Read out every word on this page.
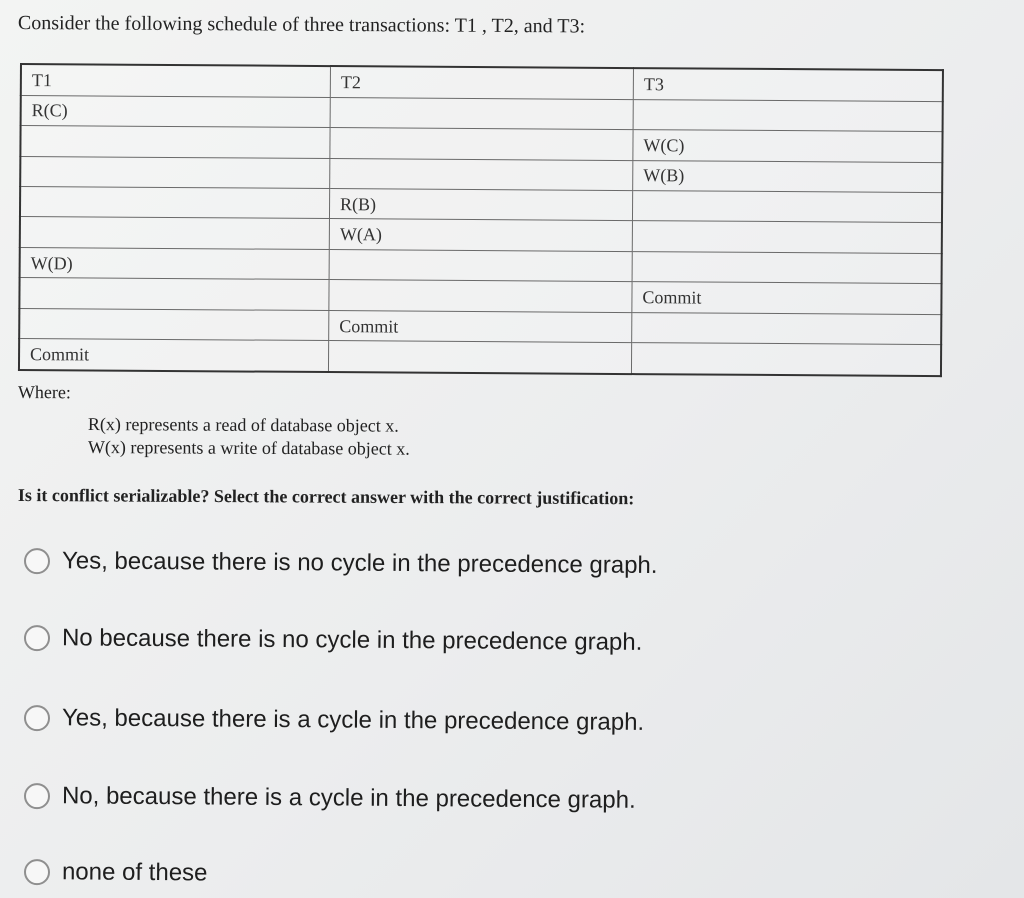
Consider the following schedule of three transactions: T1 , T2, and T3:
T1	T2	T3
R(C)		
		W(C)
		W(B)
	R(B)	
	W(A)	
W(D)		
		Commit
	Commit	
Commit		
Where:
R(x) represents a read of database object x.
W(x) represents a write of database object x.
Is it conflict serializable? Select the correct answer with the correct justification:
Yes, because there is no cycle in the precedence graph.
No because there is no cycle in the precedence graph.
Yes, because there is a cycle in the precedence graph.
No, because there is a cycle in the precedence graph.
none of these
